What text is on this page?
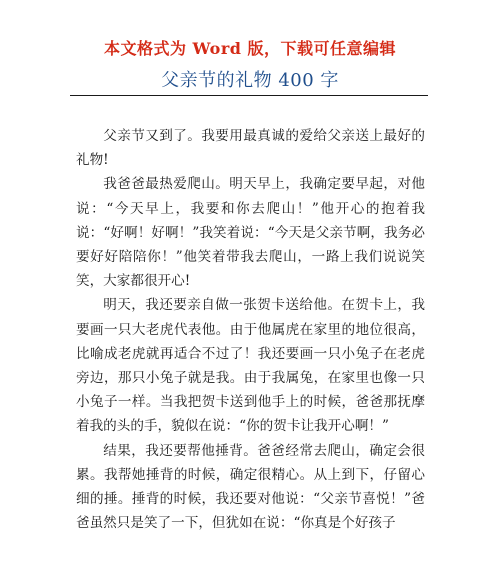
本文格式为 Word 版，下载可任意编辑
父亲节的礼物 400 字

父亲节又到了。我要用最真诚的爱给父亲送上最好的礼物!

我爸爸最热爱爬山。明天早上，我确定要早起，对他说：“今天早上，我要和你去爬山！”他开心的抱着我说：“好啊！好啊！”我笑着说：“今天是父亲节啊，我务必要好好陪陪你！”他笑着带我去爬山，一路上我们说说笑笑，大家都很开心!

明天，我还要亲自做一张贺卡送给他。在贺卡上，我要画一只大老虎代表他。由于他属虎在家里的地位很高，比喻成老虎就再适合不过了！我还要画一只小兔子在老虎旁边，那只小兔子就是我。由于我属兔，在家里也像一只小兔子一样。当我把贺卡送到他手上的时候，爸爸那抚摩着我的头的手，貌似在说：“你的贺卡让我开心啊！”

结果，我还要帮他捶背。爸爸经常去爬山，确定会很累。我帮她捶背的时候，确定很精心。从上到下，仔留心细的捶。捶背的时候，我还要对他说：“父亲节喜悦！”爸爸虽然只是笑了一下，但犹如在说：“你真是个好孩子
